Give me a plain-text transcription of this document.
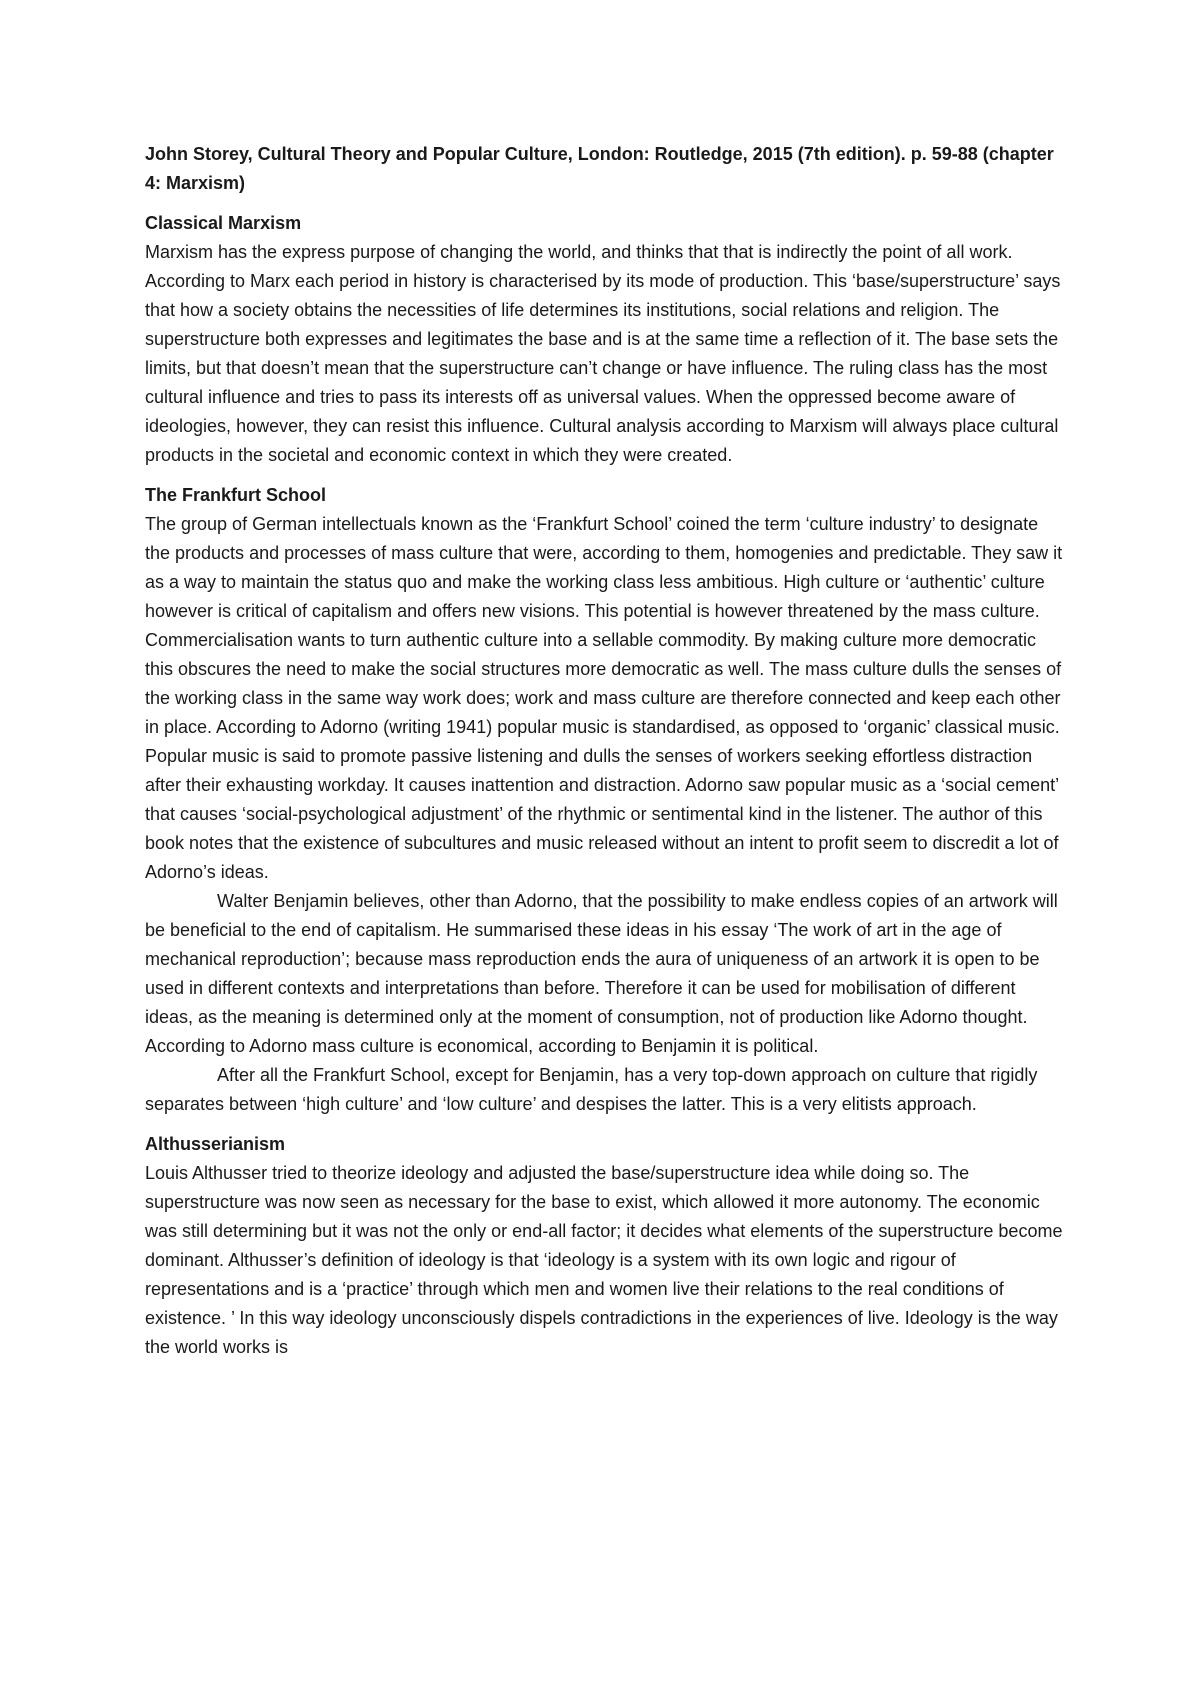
John Storey, Cultural Theory and Popular Culture, London: Routledge, 2015 (7th edition). p. 59-88 (chapter 4: Marxism)

Classical Marxism

Marxism has the express purpose of changing the world, and thinks that that is indirectly the point of all work. According to Marx each period in history is characterised by its mode of production. This ‘base/superstructure’ says that how a society obtains the necessities of life determines its institutions, social relations and religion. The superstructure both expresses and legitimates the base and is at the same time a reflection of it. The base sets the limits, but that doesn’t mean that the superstructure can’t change or have influence. The ruling class has the most cultural influence and tries to pass its interests off as universal values. When the oppressed become aware of ideologies, however, they can resist this influence. Cultural analysis according to Marxism will always place cultural products in the societal and economic context in which they were created.

The Frankfurt School

The group of German intellectuals known as the ‘Frankfurt School’ coined the term ‘culture industry’ to designate the products and processes of mass culture that were, according to them, homogenies and predictable. They saw it as a way to maintain the status quo and make the working class less ambitious. High culture or ‘authentic’ culture however is critical of capitalism and offers new visions. This potential is however threatened by the mass culture. Commercialisation wants to turn authentic culture into a sellable commodity. By making culture more democratic this obscures the need to make the social structures more democratic as well. The mass culture dulls the senses of the working class in the same way work does; work and mass culture are therefore connected and keep each other in place. According to Adorno (writing 1941) popular music is standardised, as opposed to ‘organic’ classical music. Popular music is said to promote passive listening and dulls the senses of workers seeking effortless distraction after their exhausting workday. It causes inattention and distraction. Adorno saw popular music as a ‘social cement’ that causes ‘social-psychological adjustment’ of the rhythmic or sentimental kind in the listener. The author of this book notes that the existence of subcultures and music released without an intent to profit seem to discredit a lot of Adorno’s ideas.

Walter Benjamin believes, other than Adorno, that the possibility to make endless copies of an artwork will be beneficial to the end of capitalism. He summarised these ideas in his essay ‘The work of art in the age of mechanical reproduction’; because mass reproduction ends the aura of uniqueness of an artwork it is open to be used in different contexts and interpretations than before. Therefore it can be used for mobilisation of different ideas, as the meaning is determined only at the moment of consumption, not of production like Adorno thought. According to Adorno mass culture is economical, according to Benjamin it is political.

After all the Frankfurt School, except for Benjamin, has a very top-down approach on culture that rigidly separates between ‘high culture’ and ‘low culture’ and despises the latter. This is a very elitists approach.

Althusserianism

Louis Althusser tried to theorize ideology and adjusted the base/superstructure idea while doing so. The superstructure was now seen as necessary for the base to exist, which allowed it more autonomy. The economic was still determining but it was not the only or end-all factor; it decides what elements of the superstructure become dominant. Althusser’s definition of ideology is that ‘ideology is a system with its own logic and rigour of representations and is a ‘practice’ through which men and women live their relations to the real conditions of existence. ’ In this way ideology unconsciously dispels contradictions in the experiences of live. Ideology is the way the world works is
